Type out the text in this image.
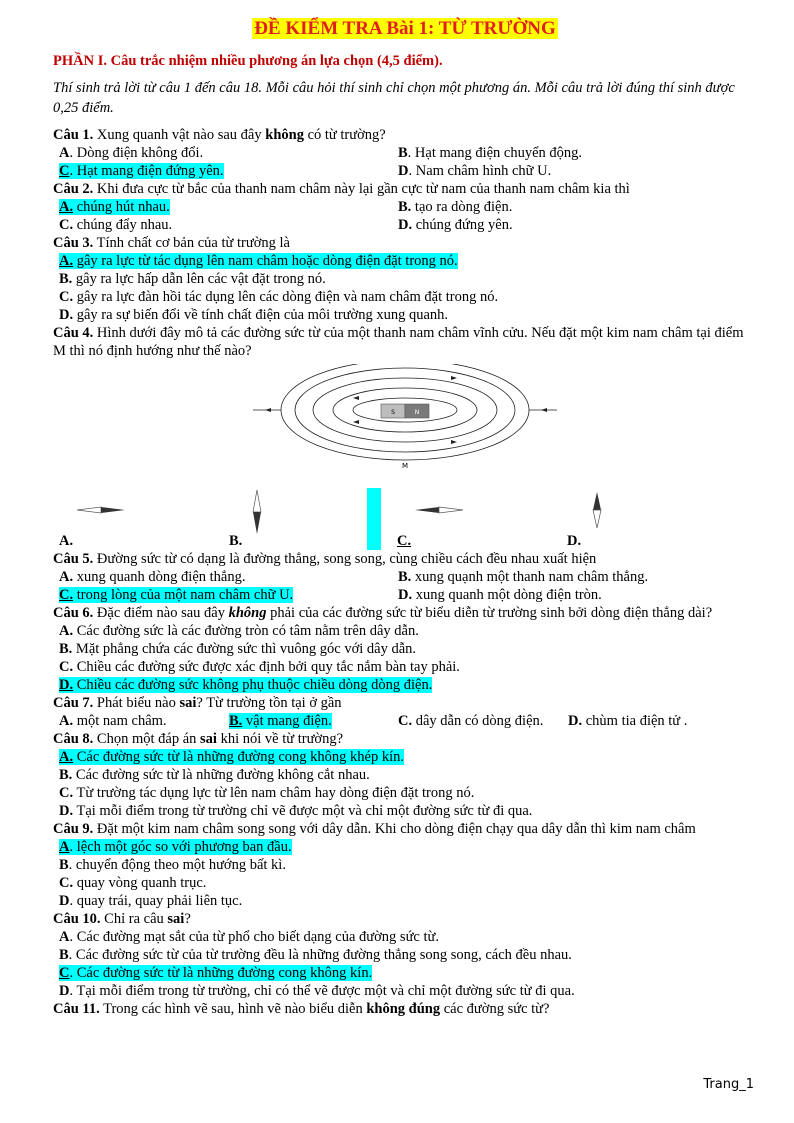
ĐỀ KIỂM TRA Bài 1: TỪ TRƯỜNG
PHẦN I. Câu trắc nhiệm nhiều phương án lựa chọn (4,5 điểm).
Thí sinh trả lời từ câu 1 đến câu 18. Mỗi câu hỏi thí sinh chỉ chọn một phương án. Mỗi câu trả lời đúng thí sinh được 0,25 điểm.
Câu 1. Xung quanh vật nào sau đây không có từ trường?
A. Dòng điện không đổi.	B. Hạt mang điện chuyển động.
C. Hạt mang điện đứng yên.	D. Nam châm hình chữ U.
Câu 2. Khi đưa cực từ bắc của thanh nam châm này lại gần cực từ nam của thanh nam châm kia thì
A. chúng hút nhau.	B. tạo ra dòng điện.
C. chúng đẩy nhau.	D. chúng đứng yên.
Câu 3. Tính chất cơ bản của từ trường là
A. gây ra lực từ tác dụng lên nam châm hoặc dòng điện đặt trong nó.
B. gây ra lực hấp dẫn lên các vật đặt trong nó.
C. gây ra lực đàn hồi tác dụng lên các dòng điện và nam châm đặt trong nó.
D. gây ra sự biến đổi về tính chất điện của môi trường xung quanh.
Câu 4. Hình dưới đây mô tả các đường sức từ của một thanh nam châm vĩnh cửu. Nếu đặt một kim nam châm tại điểm M thì nó định hướng như thế nào?
S	N
M
A.	B.	C.	D.
Câu 5. Đường sức từ có dạng là đường thẳng, song song, cùng chiều cách đều nhau xuất hiện
A. xung quanh dòng điện thẳng.	B. xung quạnh một thanh nam châm thẳng.
C. trong lòng của một nam châm chữ U.	D. xung quanh một dòng điện tròn.
Câu 6. Đặc điểm nào sau đây không phải của các đường sức từ biểu diễn từ trường sinh bởi dòng điện thẳng dài?
A. Các đường sức là các đường tròn có tâm nằm trên dây dẫn.
B. Mặt phẳng chứa các đường sức thì vuông góc với dây dẫn.
C. Chiều các đường sức được xác định bởi quy tắc nắm bàn tay phải.
D. Chiều các đường sức không phụ thuộc chiều dòng dòng điện.
Câu 7. Phát biểu nào sai? Từ trường tồn tại ở gần
A. một nam châm.	B. vật mang điện.	C. dây dẫn có dòng điện.	D. chùm tia điện tử .
Câu 8. Chọn một đáp án sai khi nói về từ trường?
A. Các đường sức từ là những đường cong không khép kín.
B. Các đường sức từ là những đường không cắt nhau.
C. Từ trường tác dụng lực từ lên nam châm hay dòng điện đặt trong nó.
D. Tại mỗi điểm trong từ trường chỉ vẽ được một và chỉ một đường sức từ đi qua.
Câu 9. Đặt một kim nam châm song song với dây dẫn. Khi cho dòng điện chạy qua dây dẫn thì kim nam châm
A. lệch một góc so với phương ban đầu.
B. chuyển động theo một hướng bất kì.
C. quay vòng quanh trục.
D. quay trái, quay phải liên tục.
Câu 10. Chỉ ra câu sai?
A. Các đường mạt sắt của từ phổ cho biết dạng của đường sức từ.
B. Các đường sức từ của từ trường đều là những đường thẳng song song, cách đều nhau.
C. Các đường sức từ là những đường cong không kín.
D. Tại mỗi điểm trong từ trường, chỉ có thể vẽ được một và chỉ một đường sức từ đi qua.
Câu 11. Trong các hình vẽ sau, hình vẽ nào biểu diễn không đúng các đường sức từ?
Trang_1
